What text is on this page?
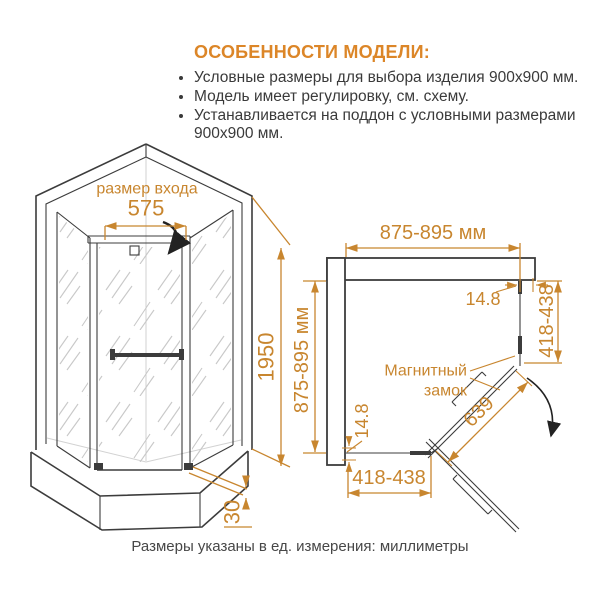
ОСОБЕННОСТИ МОДЕЛИ:
• Условные размеры для выбора изделия 900х900 мм.
• Модель имеет регулировку, см. схему.
• Устанавливается на поддон с условными размерами 900х900 мм.
размер входа
575
1950
30
875-895 мм
875-895 мм	418-438
418-438
14.8
14.8	639
Магнитный
замок

Размеры указаны в ед. измерения: миллиметры
